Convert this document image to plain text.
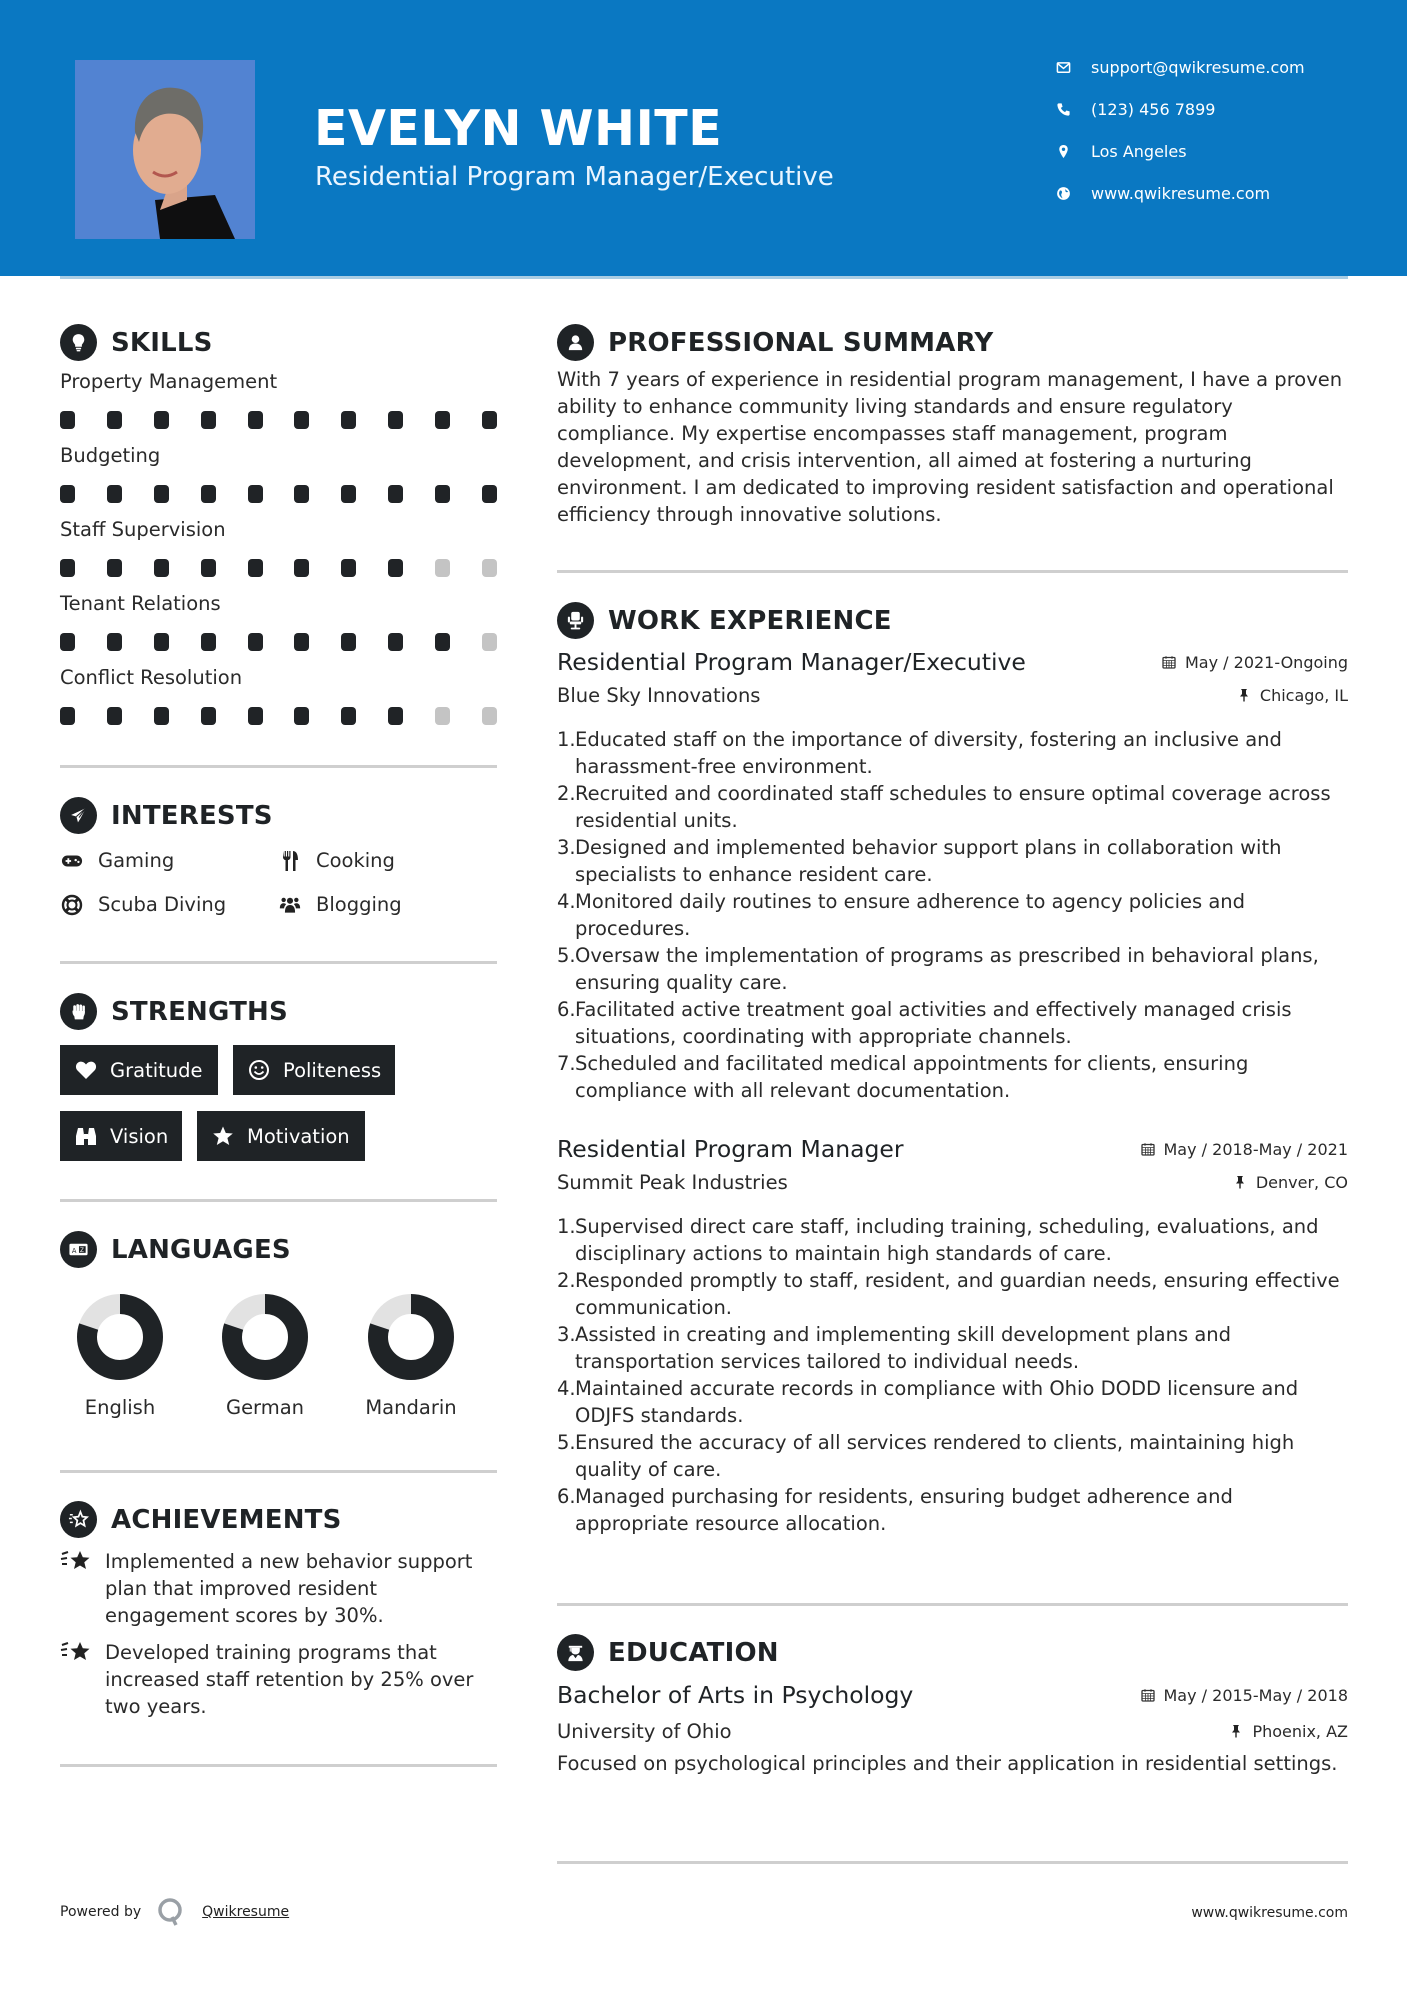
EVELYN WHITE
Residential Program Manager/Executive
support@qwikresume.com
(123) 456 7899
Los Angeles
www.qwikresume.com
SKILLS
Property Management
Budgeting
Staff Supervision
Tenant Relations
Conflict Resolution
INTERESTS
Gaming	Cooking
Scuba Diving	Blogging
STRENGTHS
Gratitude	Politeness
Vision	Motivation
A Z LANGUAGES
English	German	Mandarin
ACHIEVEMENTS
Implemented a new behavior support plan that improved resident engagement scores by 30%.
Developed training programs that increased staff retention by 25% over two years.
PROFESSIONAL SUMMARY

With 7 years of experience in residential program management, I have a proven ability to enhance community living standards and ensure regulatory compliance. My expertise encompasses staff management, program development, and crisis intervention, all aimed at fostering a nurturing environment. I am dedicated to improving resident satisfaction and operational efficiency through innovative solutions.

WORK EXPERIENCE
Residential Program Manager/Executive	May / 2021-Ongoing
Blue Sky Innovations	Chicago, IL
1. Educated staff on the importance of diversity, fostering an inclusive and harassment-free environment.
2. Recruited and coordinated staff schedules to ensure optimal coverage across residential units.
3. Designed and implemented behavior support plans in collaboration with specialists to enhance resident care.
4. Monitored daily routines to ensure adherence to agency policies and procedures.
5. Oversaw the implementation of programs as prescribed in behavioral plans, ensuring quality care.
6. Facilitated active treatment goal activities and effectively managed crisis situations, coordinating with appropriate channels.
7. Scheduled and facilitated medical appointments for clients, ensuring compliance with all relevant documentation.
Residential Program Manager	May / 2018-May / 2021
Summit Peak Industries	Denver, CO
1. Supervised direct care staff, including training, scheduling, evaluations, and disciplinary actions to maintain high standards of care.
2. Responded promptly to staff, resident, and guardian needs, ensuring effective communication.
3. Assisted in creating and implementing skill development plans and transportation services tailored to individual needs.
4. Maintained accurate records in compliance with Ohio DODD licensure and ODJFS standards.
5. Ensured the accuracy of all services rendered to clients, maintaining high quality of care.
6. Managed purchasing for residents, ensuring budget adherence and appropriate resource allocation.
EDUCATION
Bachelor of Arts in Psychology	May / 2015-May / 2018
University of Ohio	Phoenix, AZ

Focused on psychological principles and their application in residential settings.

Powered by	Qwikresume	www.qwikresume.com
